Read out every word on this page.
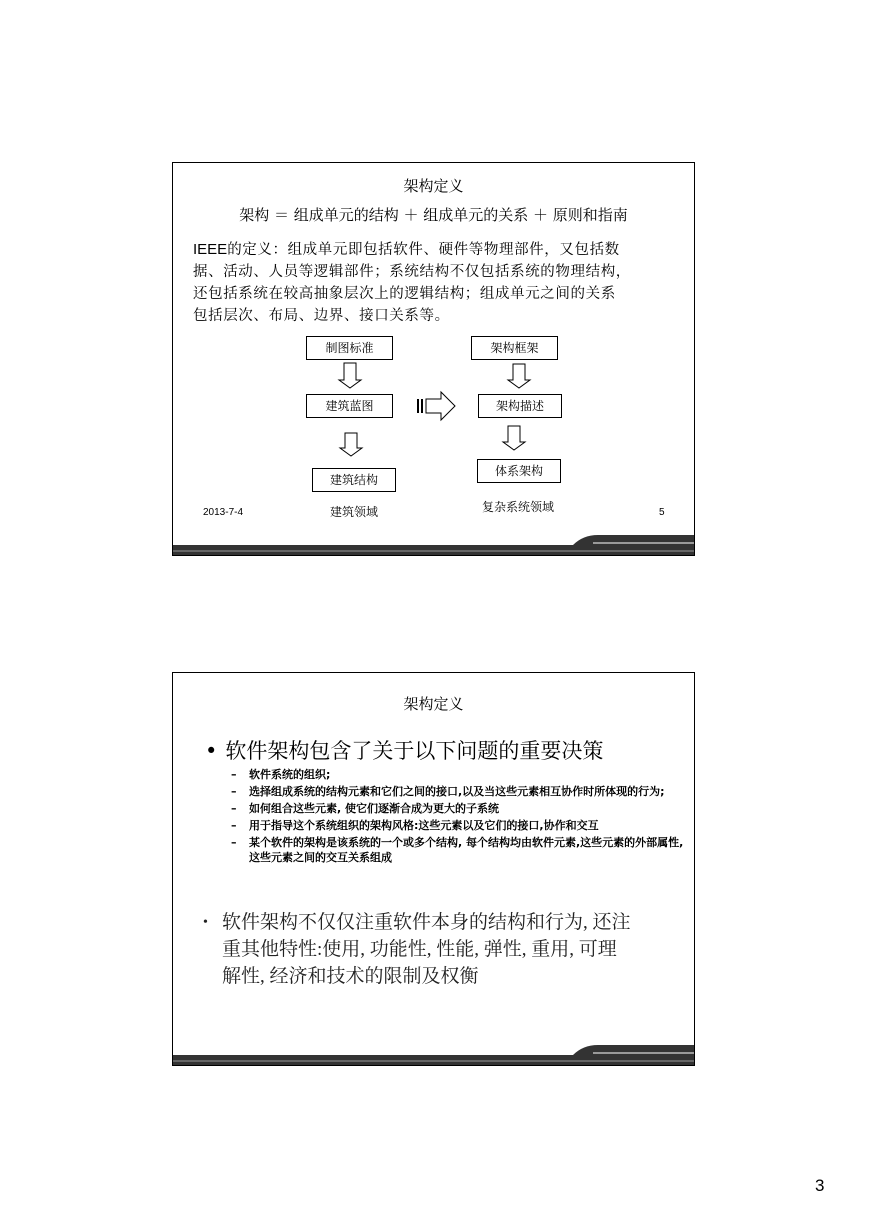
架构定义
架构 ＝ 组成单元的结构 ＋ 组成单元的关系 ＋ 原则和指南
IEEE的定义：组成单元即包括软件、硬件等物理部件，又包括数
据、活动、人员等逻辑部件；系统结构不仅包括系统的物理结构，
还包括系统在较高抽象层次上的逻辑结构；组成单元之间的关系
包括层次、布局、边界、接口关系等。
制图标准
建筑蓝图
建筑结构
架构框架
架构描述
体系架构
建筑领域	复杂系统领域
2013-7-4	5
架构定义
• 软件架构包含了关于以下问题的重要决策
–	软件系统的组织;
–	选择组成系统的结构元素和它们之间的接口,以及当这些元素相互协作时所体现的行为;
–	如何组合这些元素, 使它们逐渐合成为更大的子系统
–	用于指导这个系统组织的架构风格:这些元素以及它们的接口,协作和交互
–	某个软件的架构是该系统的一个或多个结构, 每个结构均由软件元素,这些元素的外部属性,这些元素之间的交互关系组成
• 软件架构不仅仅注重软件本身的结构和行为, 还注
重其他特性:使用, 功能性, 性能, 弹性, 重用, 可理
解性, 经济和技术的限制及权衡
3
